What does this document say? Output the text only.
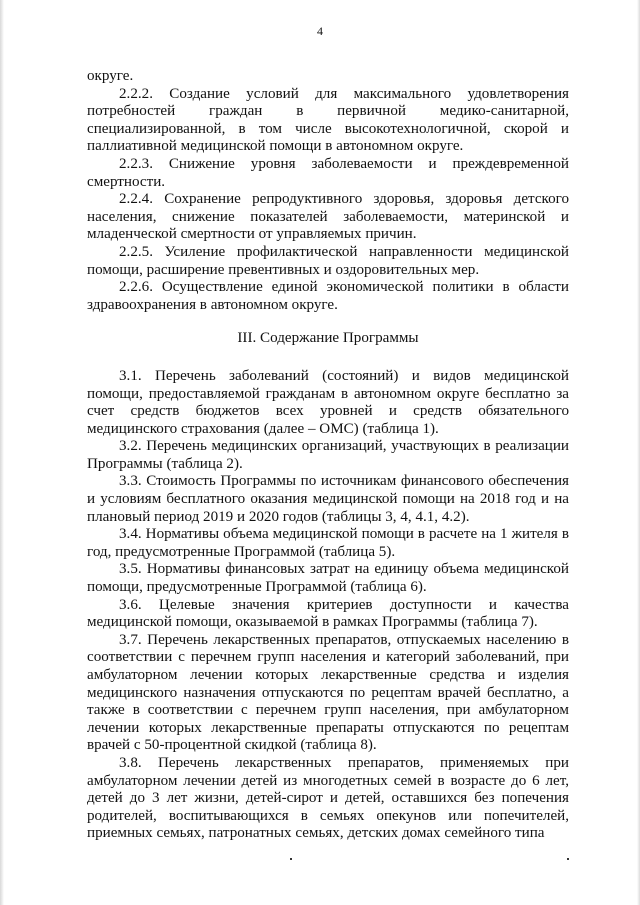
4

округе.

2.2.2. Создание условий для максимального удовлетворения потребностей граждан в первичной медико-санитарной, специализированной, в том числе высокотехнологичной, скорой и паллиативной медицинской помощи в автономном округе.

2.2.3. Снижение уровня заболеваемости и преждевременной смертности.

2.2.4. Сохранение репродуктивного здоровья, здоровья детского населения, снижение показателей заболеваемости, материнской и младенческой смертности от управляемых причин.

2.2.5. Усиление профилактической направленности медицинской помощи, расширение превентивных и оздоровительных мер.

2.2.6. Осуществление единой экономической политики в области здравоохранения в автономном округе.

III. Содержание Программы

3.1. Перечень заболеваний (состояний) и видов медицинской помощи, предоставляемой гражданам в автономном округе бесплатно за счет средств бюджетов всех уровней и средств обязательного медицинского страхования (далее – ОМС) (таблица 1).

3.2. Перечень медицинских организаций, участвующих в реализации Программы (таблица 2).

3.3. Стоимость Программы по источникам финансового обеспечения и условиям бесплатного оказания медицинской помощи на 2018 год и на плановый период 2019 и 2020 годов (таблицы 3, 4, 4.1, 4.2).

3.4. Нормативы объема медицинской помощи в расчете на 1 жителя в год, предусмотренные Программой (таблица 5).

3.5. Нормативы финансовых затрат на единицу объема медицинской помощи, предусмотренные Программой (таблица 6).

3.6. Целевые значения критериев доступности и качества медицинской помощи, оказываемой в рамках Программы (таблица 7).

3.7. Перечень лекарственных препаратов, отпускаемых населению в соответствии с перечнем групп населения и категорий заболеваний, при амбулаторном лечении которых лекарственные средства и изделия медицинского назначения отпускаются по рецептам врачей бесплатно, а также в соответствии с перечнем групп населения, при амбулаторном лечении которых лекарственные препараты отпускаются по рецептам врачей с 50-процентной скидкой (таблица 8).

3.8. Перечень лекарственных препаратов, применяемых при амбулаторном лечении детей из многодетных семей в возрасте до 6 лет, детей до 3 лет жизни, детей-сирот и детей, оставшихся без попечения родителей, воспитывающихся в семьях опекунов или попечителей, приемных семьях, патронатных семьях, детских домах семейного типа
